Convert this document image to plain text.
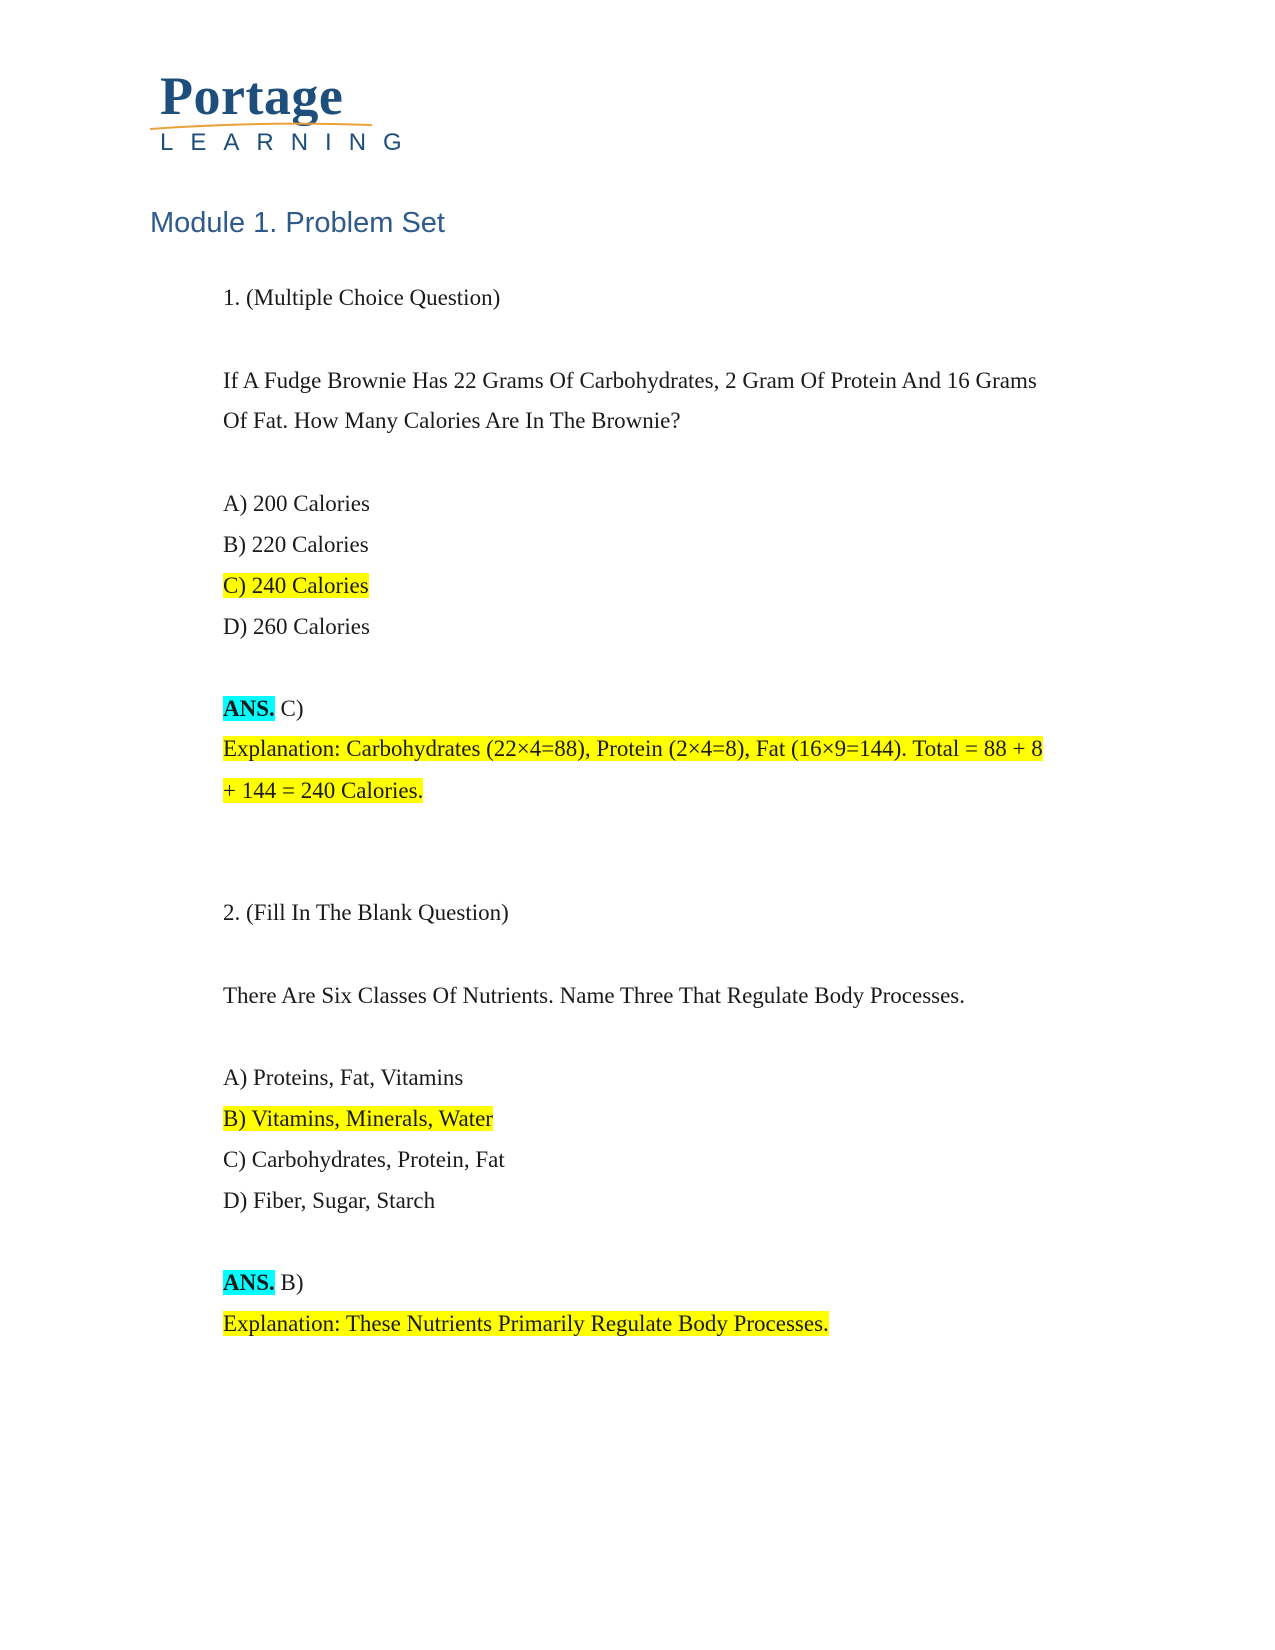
Portage
LEARNING
Module 1. Problem Set
1. (Multiple Choice Question)
If A Fudge Brownie Has 22 Grams Of Carbohydrates, 2 Gram Of Protein And 16 Grams
Of Fat. How Many Calories Are In The Brownie?
A) 200 Calories
B) 220 Calories
C) 240 Calories
D) 260 Calories
ANS. C)
Explanation: Carbohydrates (22×4=88), Protein (2×4=8), Fat (16×9=144). Total = 88 + 8
+ 144 = 240 Calories.
2. (Fill In The Blank Question)
There Are Six Classes Of Nutrients. Name Three That Regulate Body Processes.
A) Proteins, Fat, Vitamins
B) Vitamins, Minerals, Water
C) Carbohydrates, Protein, Fat
D) Fiber, Sugar, Starch
ANS. B)
Explanation: These Nutrients Primarily Regulate Body Processes.
